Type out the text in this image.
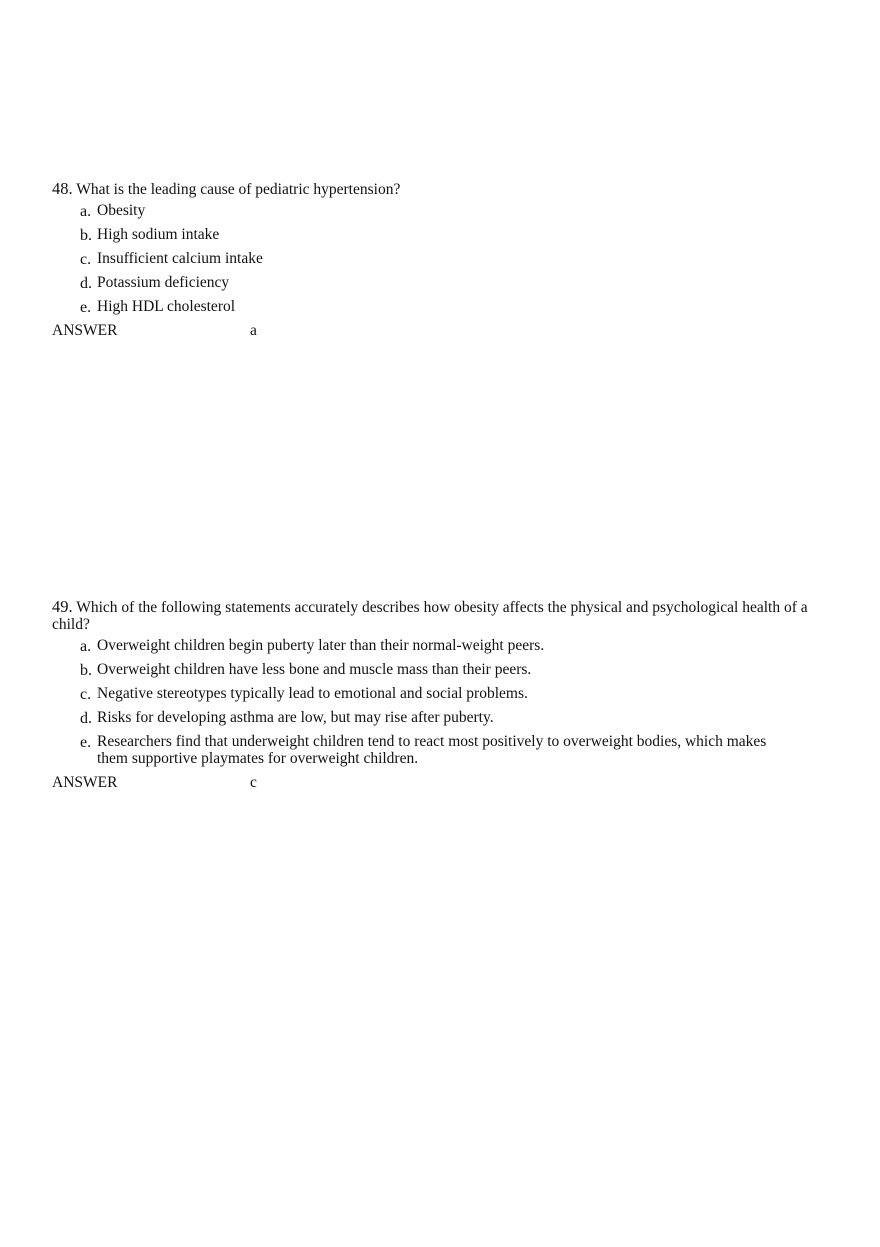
48. What is the leading cause of pediatric hypertension?
a. Obesity
b. High sodium intake
c. Insufficient calcium intake
d. Potassium deficiency
e. High HDL cholesterol
ANSWER	a
49. Which of the following statements accurately describes how obesity affects the physical and psychological health of a child?
a. Overweight children begin puberty later than their normal-weight peers.
b. Overweight children have less bone and muscle mass than their peers.
c. Negative stereotypes typically lead to emotional and social problems.
d. Risks for developing asthma are low, but may rise after puberty.
e. Researchers find that underweight children tend to react most positively to overweight bodies, which makes them supportive playmates for overweight children.
ANSWER	c
